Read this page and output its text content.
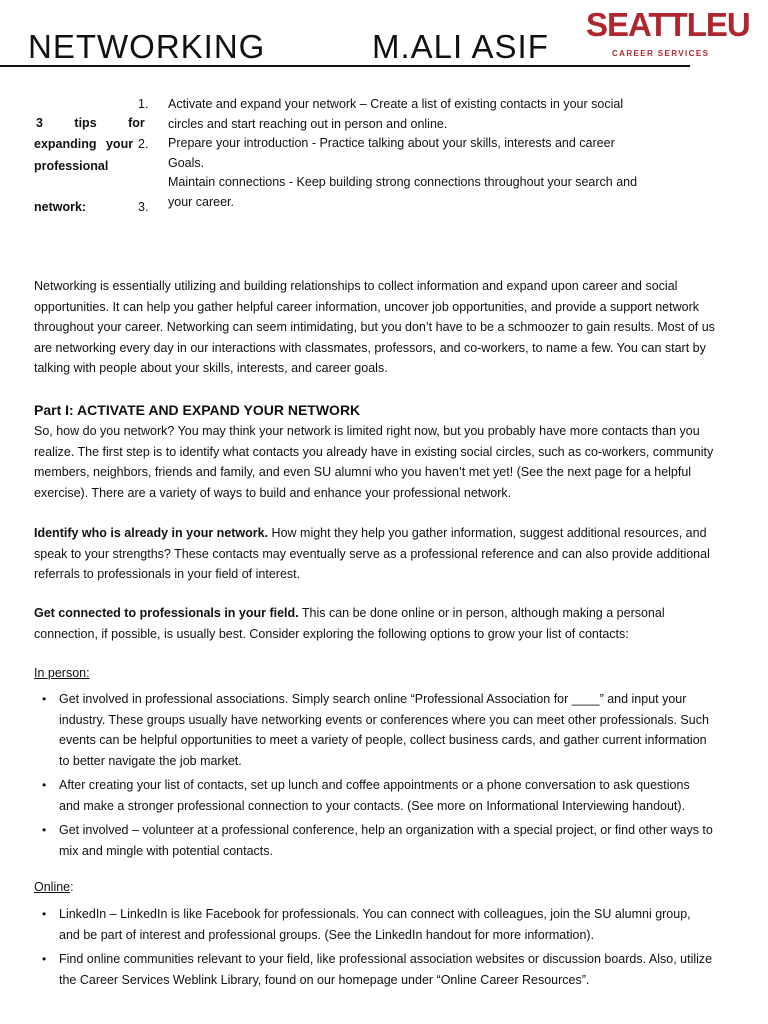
NETWORKING	M.ALI ASIF
SEATTLEU
CAREER SERVICES
3 tips for
expanding your
professional
network:
1.
2.
3.
Activate and expand your network – Create a list of existing contacts in your social circles and start reaching out in person and online.
Prepare your introduction - Practice talking about your skills, interests and career Goals.
Maintain connections - Keep building strong connections throughout your search and your career.
Networking is essentially utilizing and building relationships to collect information and expand upon career and social opportunities. It can help you gather helpful career information, uncover job opportunities, and provide a support network throughout your career. Networking can seem intimidating, but you don’t have to be a schmoozer to gain results. Most of us are networking every day in our interactions with classmates, professors, and co-workers, to name a few. You can start by talking with people about your skills, interests, and career goals.
Part I: ACTIVATE AND EXPAND YOUR NETWORK
So, how do you network? You may think your network is limited right now, but you probably have more contacts than you realize. The first step is to identify what contacts you already have in existing social circles, such as co-workers, community members, neighbors, friends and family, and even SU alumni who you haven’t met yet! (See the next page for a helpful exercise). There are a variety of ways to build and enhance your professional network.
Identify who is already in your network. How might they help you gather information, suggest additional resources, and speak to your strengths? These contacts may eventually serve as a professional reference and can also provide additional referrals to professionals in your field of interest.
Get connected to professionals in your field. This can be done online or in person, although making a personal connection, if possible, is usually best. Consider exploring the following options to grow your list of contacts:
In person:
• Get involved in professional associations. Simply search online “Professional Association for ____” and input your industry. These groups usually have networking events or conferences where you can meet other professionals. Such events can be helpful opportunities to meet a variety of people, collect business cards, and gather current information to better navigate the job market.
• After creating your list of contacts, set up lunch and coffee appointments or a phone conversation to ask questions and make a stronger professional connection to your contacts. (See more on Informational Interviewing handout).
• Get involved – volunteer at a professional conference, help an organization with a special project, or find other ways to mix and mingle with potential contacts.
Online:
• LinkedIn – LinkedIn is like Facebook for professionals. You can connect with colleagues, join the SU alumni group, and be part of interest and professional groups. (See the LinkedIn handout for more information).
• Find online communities relevant to your field, like professional association websites or discussion boards. Also, utilize the Career Services Weblink Library, found on our homepage under “Online Career Resources”.
